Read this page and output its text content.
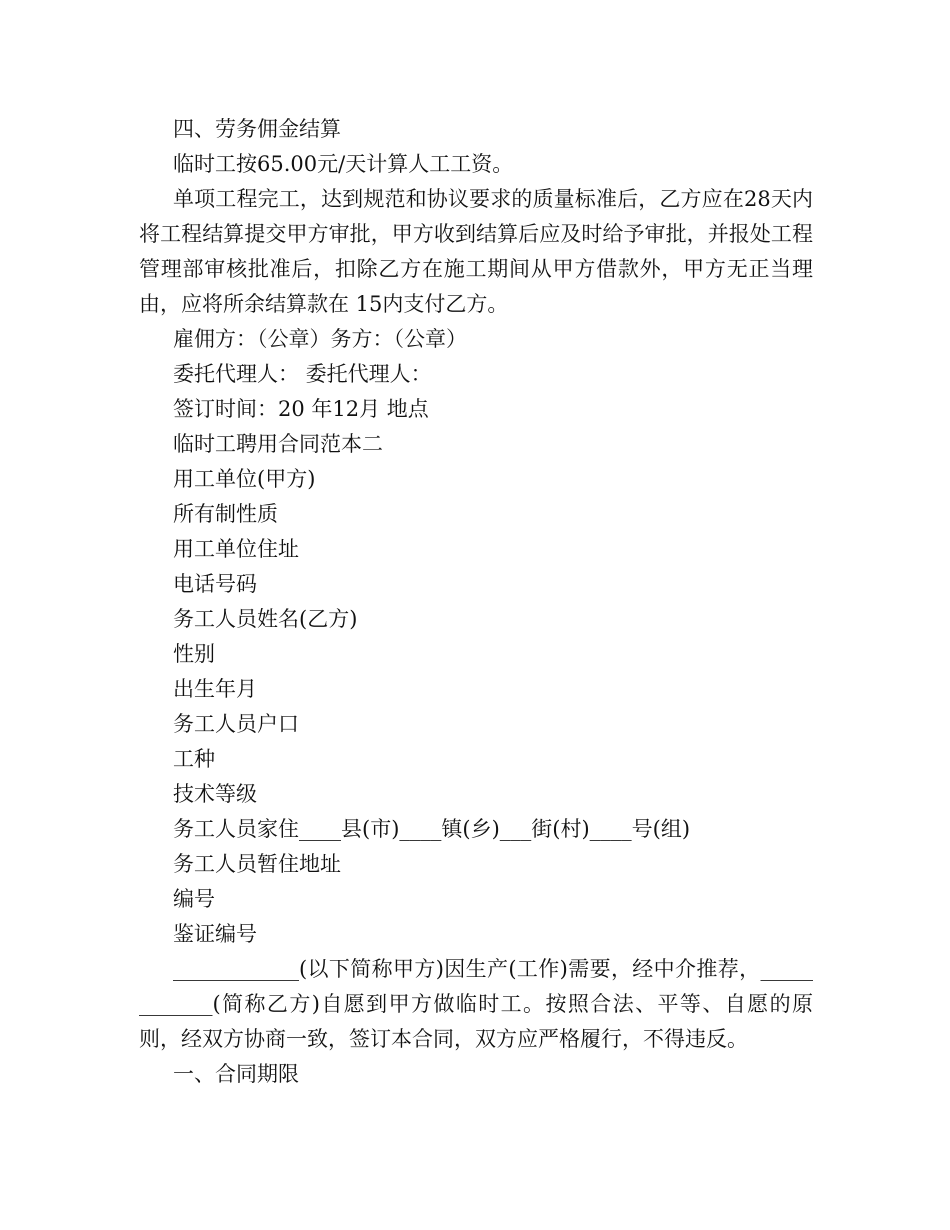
四、劳务佣金结算

临时工按65.00元/天计算人工工资。

单项工程完工，达到规范和协议要求的质量标准后，乙方应在28天内将工程结算提交甲方审批，甲方收到结算后应及时给予审批，并报处工程管理部审核批准后，扣除乙方在施工期间从甲方借款外，甲方无正当理由，应将所余结算款在 15内支付乙方。

雇佣方：（公章）务方：（公章）

委托代理人： 委托代理人：

签订时间：20 年12月 地点

临时工聘用合同范本二

用工单位(甲方)

所有制性质

用工单位住址

电话号码

务工人员姓名(乙方)

性别

出生年月

务工人员户口

工种

技术等级

务工人员家住____县(市)____镇(乡)___街(村)____号(组)

务工人员暂住地址

编号

鉴证编号

____________(以下简称甲方)因生产(工作)需要，经中介推荐，____________(简称乙方)自愿到甲方做临时工。按照合法、平等、自愿的原则，经双方协商一致，签订本合同，双方应严格履行，不得违反。

一、合同期限
